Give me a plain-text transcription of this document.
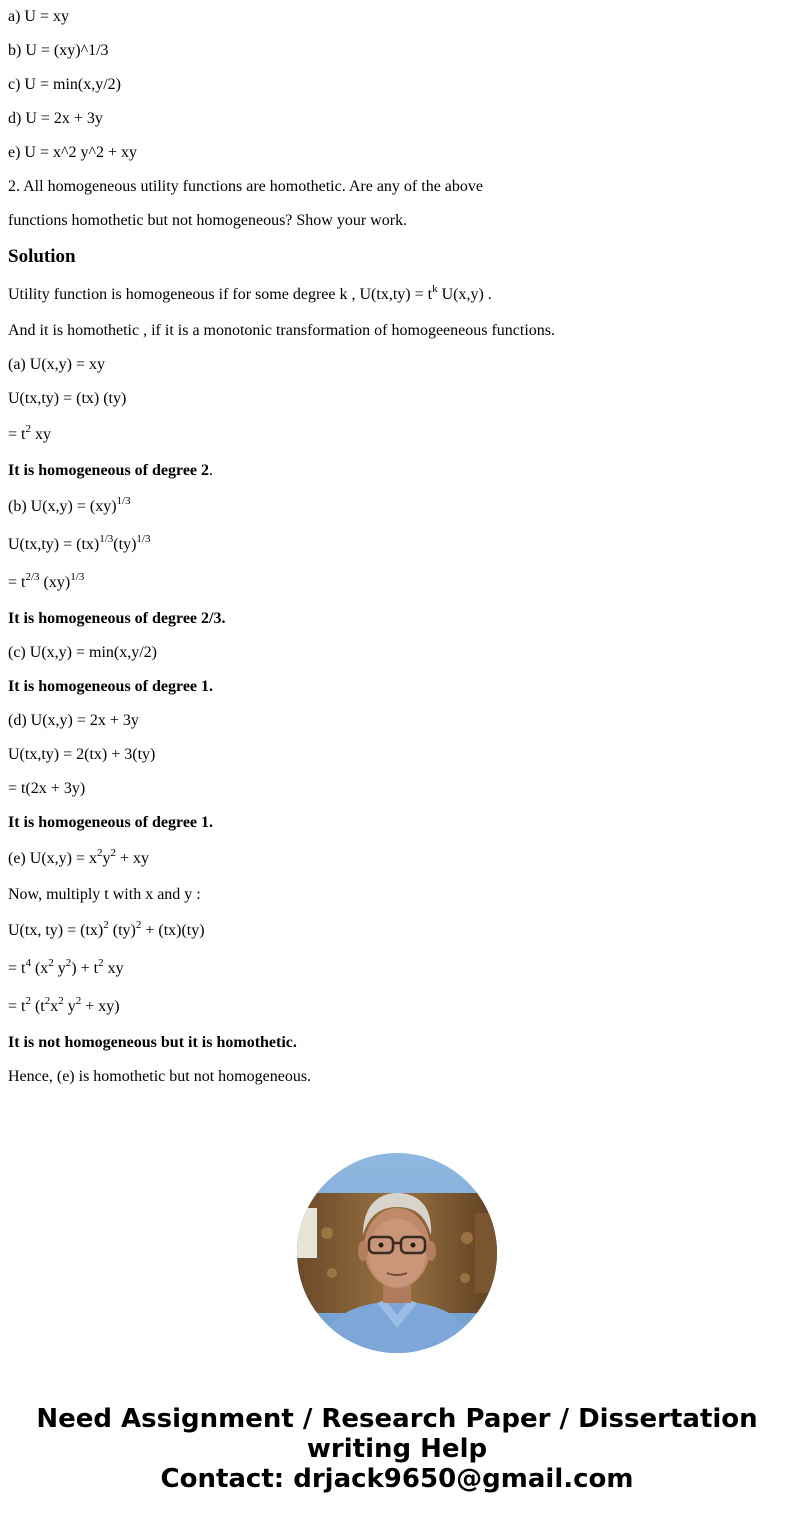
a) U = xy
b) U = (xy)^1/3
c) U = min(x,y/2)
d) U = 2x + 3y
e) U = x^2 y^2 + xy
2. All homogeneous utility functions are homothetic. Are any of the above
functions homothetic but not homogeneous? Show your work.
Solution
Utility function is homogeneous if for some degree k , $U(tx,ty) = t^k$ U(x,y) .
And it is homothetic , if it is a monotonic transformation of homogeeneous functions.
(a) U(x,y) = xy
U(tx,ty) = (tx) (ty)
= $t^2$ xy
It is homogeneous of degree 2 .
(b) U(x,y) = (xy)$^{1/3}$
U(tx,ty) = (tx)$^{1/3}$(ty)$^{1/3}$
= $t^{2/3}$ (xy)$^{1/3}$
It is homogeneous of degree 2/3.
(c) U(x,y) = min(x,y/2)
It is homogeneous of degree 1.
(d) U(x,y) = 2x + 3y
U(tx,ty) = 2(tx) + 3(ty)
= t(2x + 3y)
It is homogeneous of degree 1.
(e) $U(x,y) = x^2y^2$ + xy
Now, multiply t with x and y :
U(tx, ty) = (tx)$^2$ (ty)$^2$ + (tx)(ty)
= $t^4$ ($x^2$ $y^2) + t^2$ xy
= $t^2$ ($t^2x^2$ $y^2 + xy$)
It is not homogeneous but it is homothetic.
Hence, (e) is homothetic but not homogeneous.
Need Assignment / Research Paper / Dissertation
writing Help
Contact: drjack9650@gmail.com
